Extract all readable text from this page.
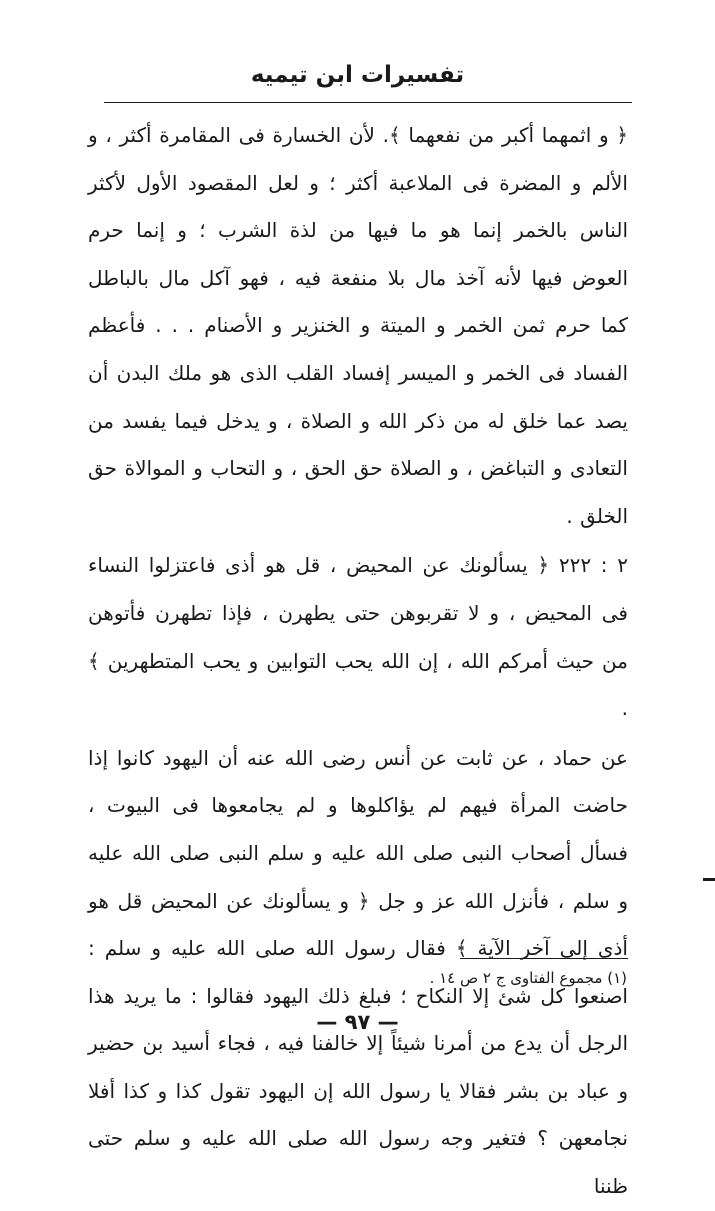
تفسيرات ابن تيميه

﴿ و اثمهما أكبر من نفعهما ﴾. لأن الخسارة فى المقامرة أكثر ، و الألم و المضرة فى الملاعبة أكثر ؛ و لعل المقصود الأول لأكثر الناس بالخمر إنما هو ما فيها من لذة الشرب ؛ و إنما حرم العوض فيها لأنه آخذ مال بلا منفعة فيه ، فهو آكل مال بالباطل كما حرم ثمن الخمر و الميتة و الخنزير و الأصنام . . . فأعظم الفساد فى الخمر و الميسر إفساد القلب الذى هو ملك البدن أن يصد عما خلق له من ذكر الله و الصلاة ، و يدخل فيما يفسد من التعادى و التباغض ، و الصلاة حق الحق ، و التحاب و الموالاة حق الخلق .

٢ : ٢٢٢ ﴿ يسألونك عن المحيض ، قل هو أذى فاعتزلوا النساء فى المحيض ، و لا تقربوهن حتى يطهرن ، فإذا تطهرن فأتوهن من حيث أمركم الله ، إن الله يحب التوابين و يحب المتطهرين ﴾ .

عن حماد ، عن ثابت عن أنس رضى الله عنه أن اليهود كانوا إذا حاضت المرأة فيهم لم يؤاكلوها و لم يجامعوها فى البيوت ، فسأل أصحاب النبى صلى الله عليه و سلم النبى صلى الله عليه و سلم ، فأنزل الله عز و جل ﴿ و يسألونك عن المحيض قل هو أذى إلى آخر الآية ﴾ فقال رسول الله صلى الله عليه و سلم : اصنعوا كل شئ إلا النكاح ؛ فبلغ ذلك اليهود فقالوا : ما يريد هذا الرجل أن يدع من أمرنا شيئاً إلا خالفنا فيه ، فجاء أسيد بن حضير و عباد بن بشر فقالا يا رسول الله إن اليهود تقول كذا و كذا أفلا نجامعهن ؟ فتغير وجه رسول الله صلى الله عليه و سلم حتى ظننا

(١) مجموع الفتاوى ج ٢ ص ١٤ .
— ٩٧ —
